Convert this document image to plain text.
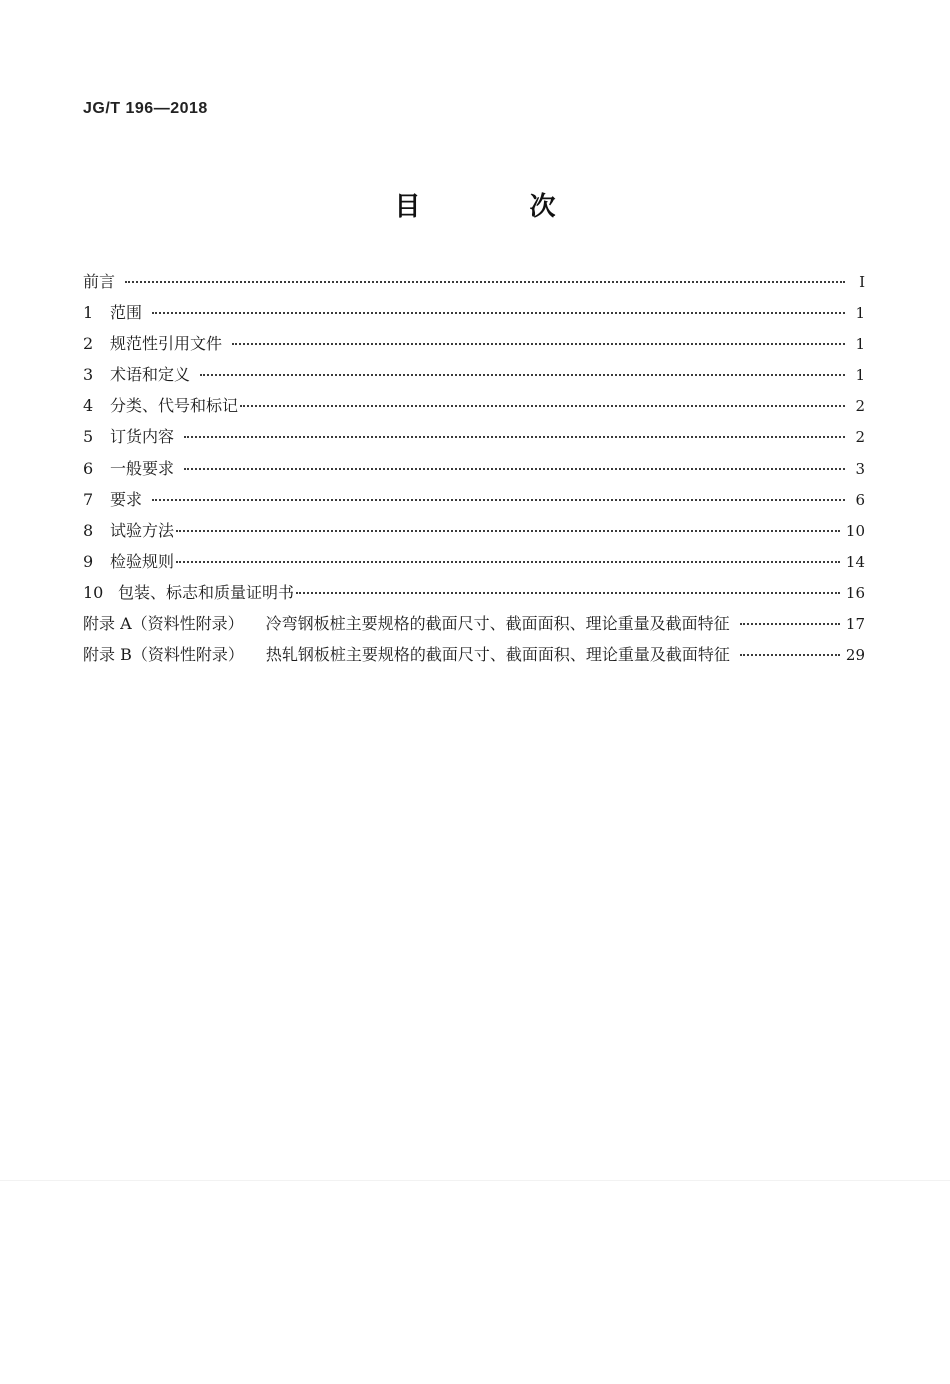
JG/T 196—2018
目 次
前言	Ⅰ
1	范围	1
2	规范性引用文件	1
3	术语和定义	1
4	分类、代号和标记	2
5	订货内容	2
6	一般要求	3
7	要求	6
8	试验方法	10
9	检验规则	14
10 包装、标志和质量证明书	16
附录 A（资料性附录） 冷弯钢板桩主要规格的截面尺寸、截面面积、理论重量及截面特征	17
附录 B（资料性附录） 热轧钢板桩主要规格的截面尺寸、截面面积、理论重量及截面特征	29
